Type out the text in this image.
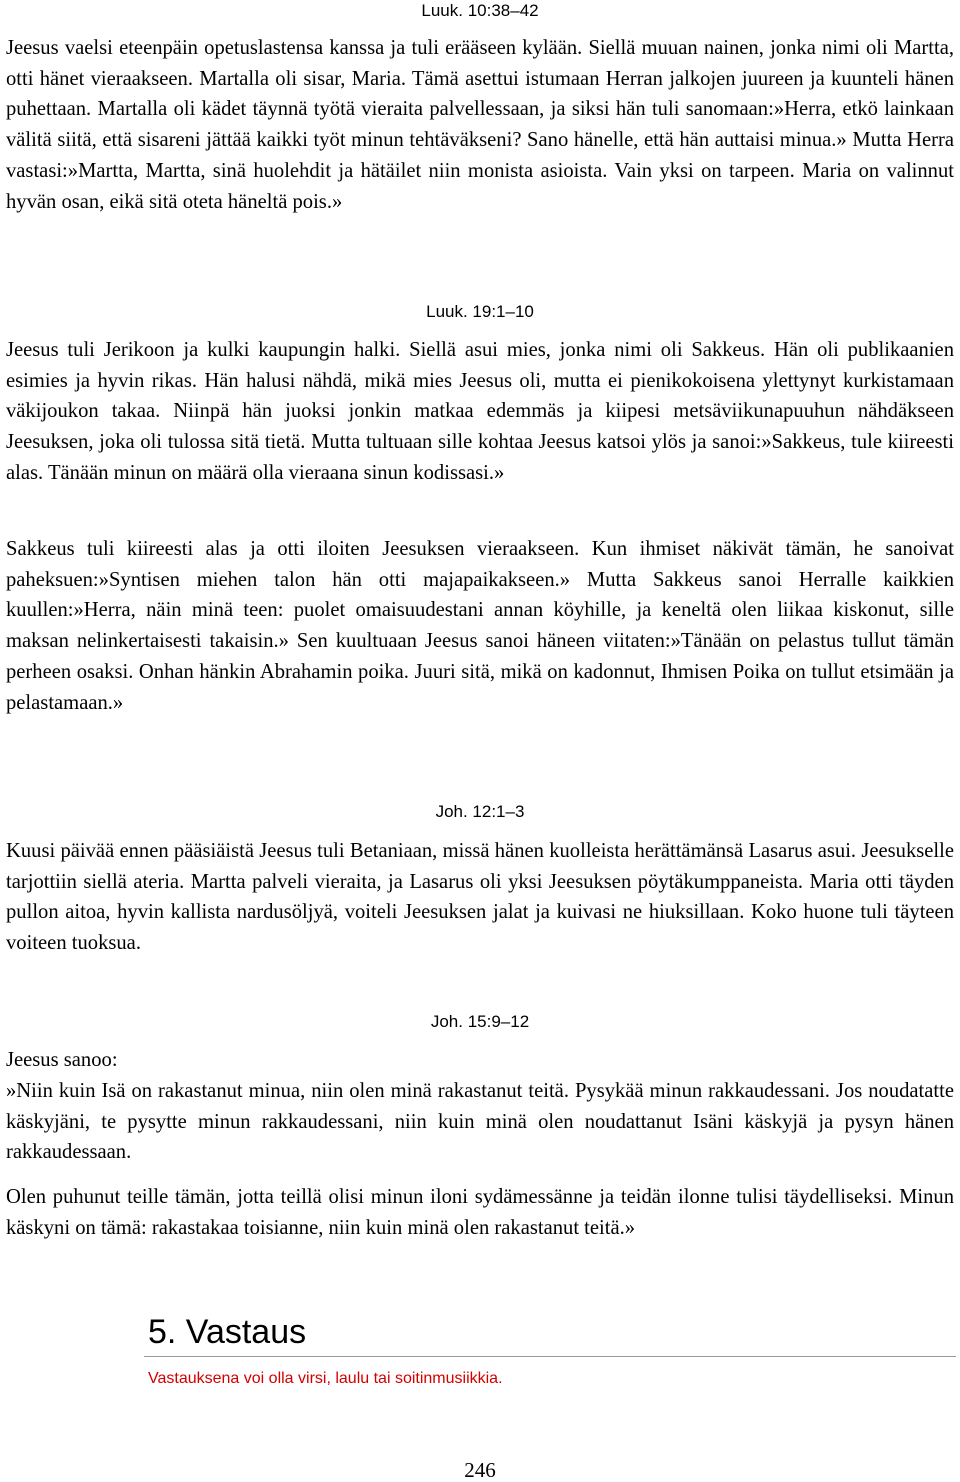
Luuk. 10:38–42
Jeesus vaelsi eteenpäin opetuslastensa kanssa ja tuli erääseen kylään. Siellä muuan nainen, jonka nimi oli Martta, otti hänet vieraakseen. Martalla oli sisar, Maria. Tämä asettui istumaan Herran jalkojen juureen ja kuunteli hänen puhettaan. Martalla oli kädet täynnä työtä vieraita palvellessaan, ja siksi hän tuli sanomaan:»Herra, etkö lainkaan välitä siitä, että sisareni jättää kaikki työt minun tehtäväkseni? Sano hänelle, että hän auttaisi minua.» Mutta Herra vastasi:»Martta, Martta, sinä huolehdit ja hätäilet niin monista asioista. Vain yksi on tarpeen. Maria on valinnut hyvän osan, eikä sitä oteta häneltä pois.»
Luuk. 19:1–10
Jeesus tuli Jerikoon ja kulki kaupungin halki. Siellä asui mies, jonka nimi oli Sakkeus. Hän oli publikaanien esimies ja hyvin rikas. Hän halusi nähdä, mikä mies Jeesus oli, mutta ei pienikokoisena ylettynyt kurkistamaan väkijoukon takaa. Niinpä hän juoksi jonkin matkaa edemmäs ja kiipesi metsäviikunapuuhun nähdäkseen Jeesuksen, joka oli tulossa sitä tietä. Mutta tultuaan sille kohtaa Jeesus katsoi ylös ja sanoi:»Sakkeus, tule kiireesti alas. Tänään minun on määrä olla vieraana sinun kodissasi.»
Sakkeus tuli kiireesti alas ja otti iloiten Jeesuksen vieraakseen. Kun ihmiset näkivät tämän, he sanoivat paheksuen:»Syntisen miehen talon hän otti majapaikakseen.» Mutta Sakkeus sanoi Herralle kaikkien kuullen:»Herra, näin minä teen: puolet omaisuudestani annan köyhille, ja keneltä olen liikaa kiskonut, sille maksan nelinkertaisesti takaisin.» Sen kuultuaan Jeesus sanoi häneen viitaten:»Tänään on pelastus tullut tämän perheen osaksi. Onhan hänkin Abrahamin poika. Juuri sitä, mikä on kadonnut, Ihmisen Poika on tullut etsimään ja pelastamaan.»
Joh. 12:1–3
Kuusi päivää ennen pääsiäistä Jeesus tuli Betaniaan, missä hänen kuolleista herättämänsä Lasarus asui. Jeesukselle tarjottiin siellä ateria. Martta palveli vieraita, ja Lasarus oli yksi Jeesuksen pöytäkumppaneista. Maria otti täyden pullon aitoa, hyvin kallista nardusöljyä, voiteli Jeesuksen jalat ja kuivasi ne hiuksillaan. Koko huone tuli täyteen voiteen tuoksua.
Joh. 15:9–12
Jeesus sanoo:
»Niin kuin Isä on rakastanut minua, niin olen minä rakastanut teitä. Pysykää minun rakkaudessani. Jos noudatatte käskyjäni, te pysytte minun rakkaudessani, niin kuin minä olen noudattanut Isäni käskyjä ja pysyn hänen rakkaudessaan.
Olen puhunut teille tämän, jotta teillä olisi minun iloni sydämessänne ja teidän ilonne tulisi täydelliseksi. Minun käskyni on tämä: rakastakaa toisianne, niin kuin minä olen rakastanut teitä.»
5. Vastaus
Vastauksena voi olla virsi, laulu tai soitinmusiikkia.
246
